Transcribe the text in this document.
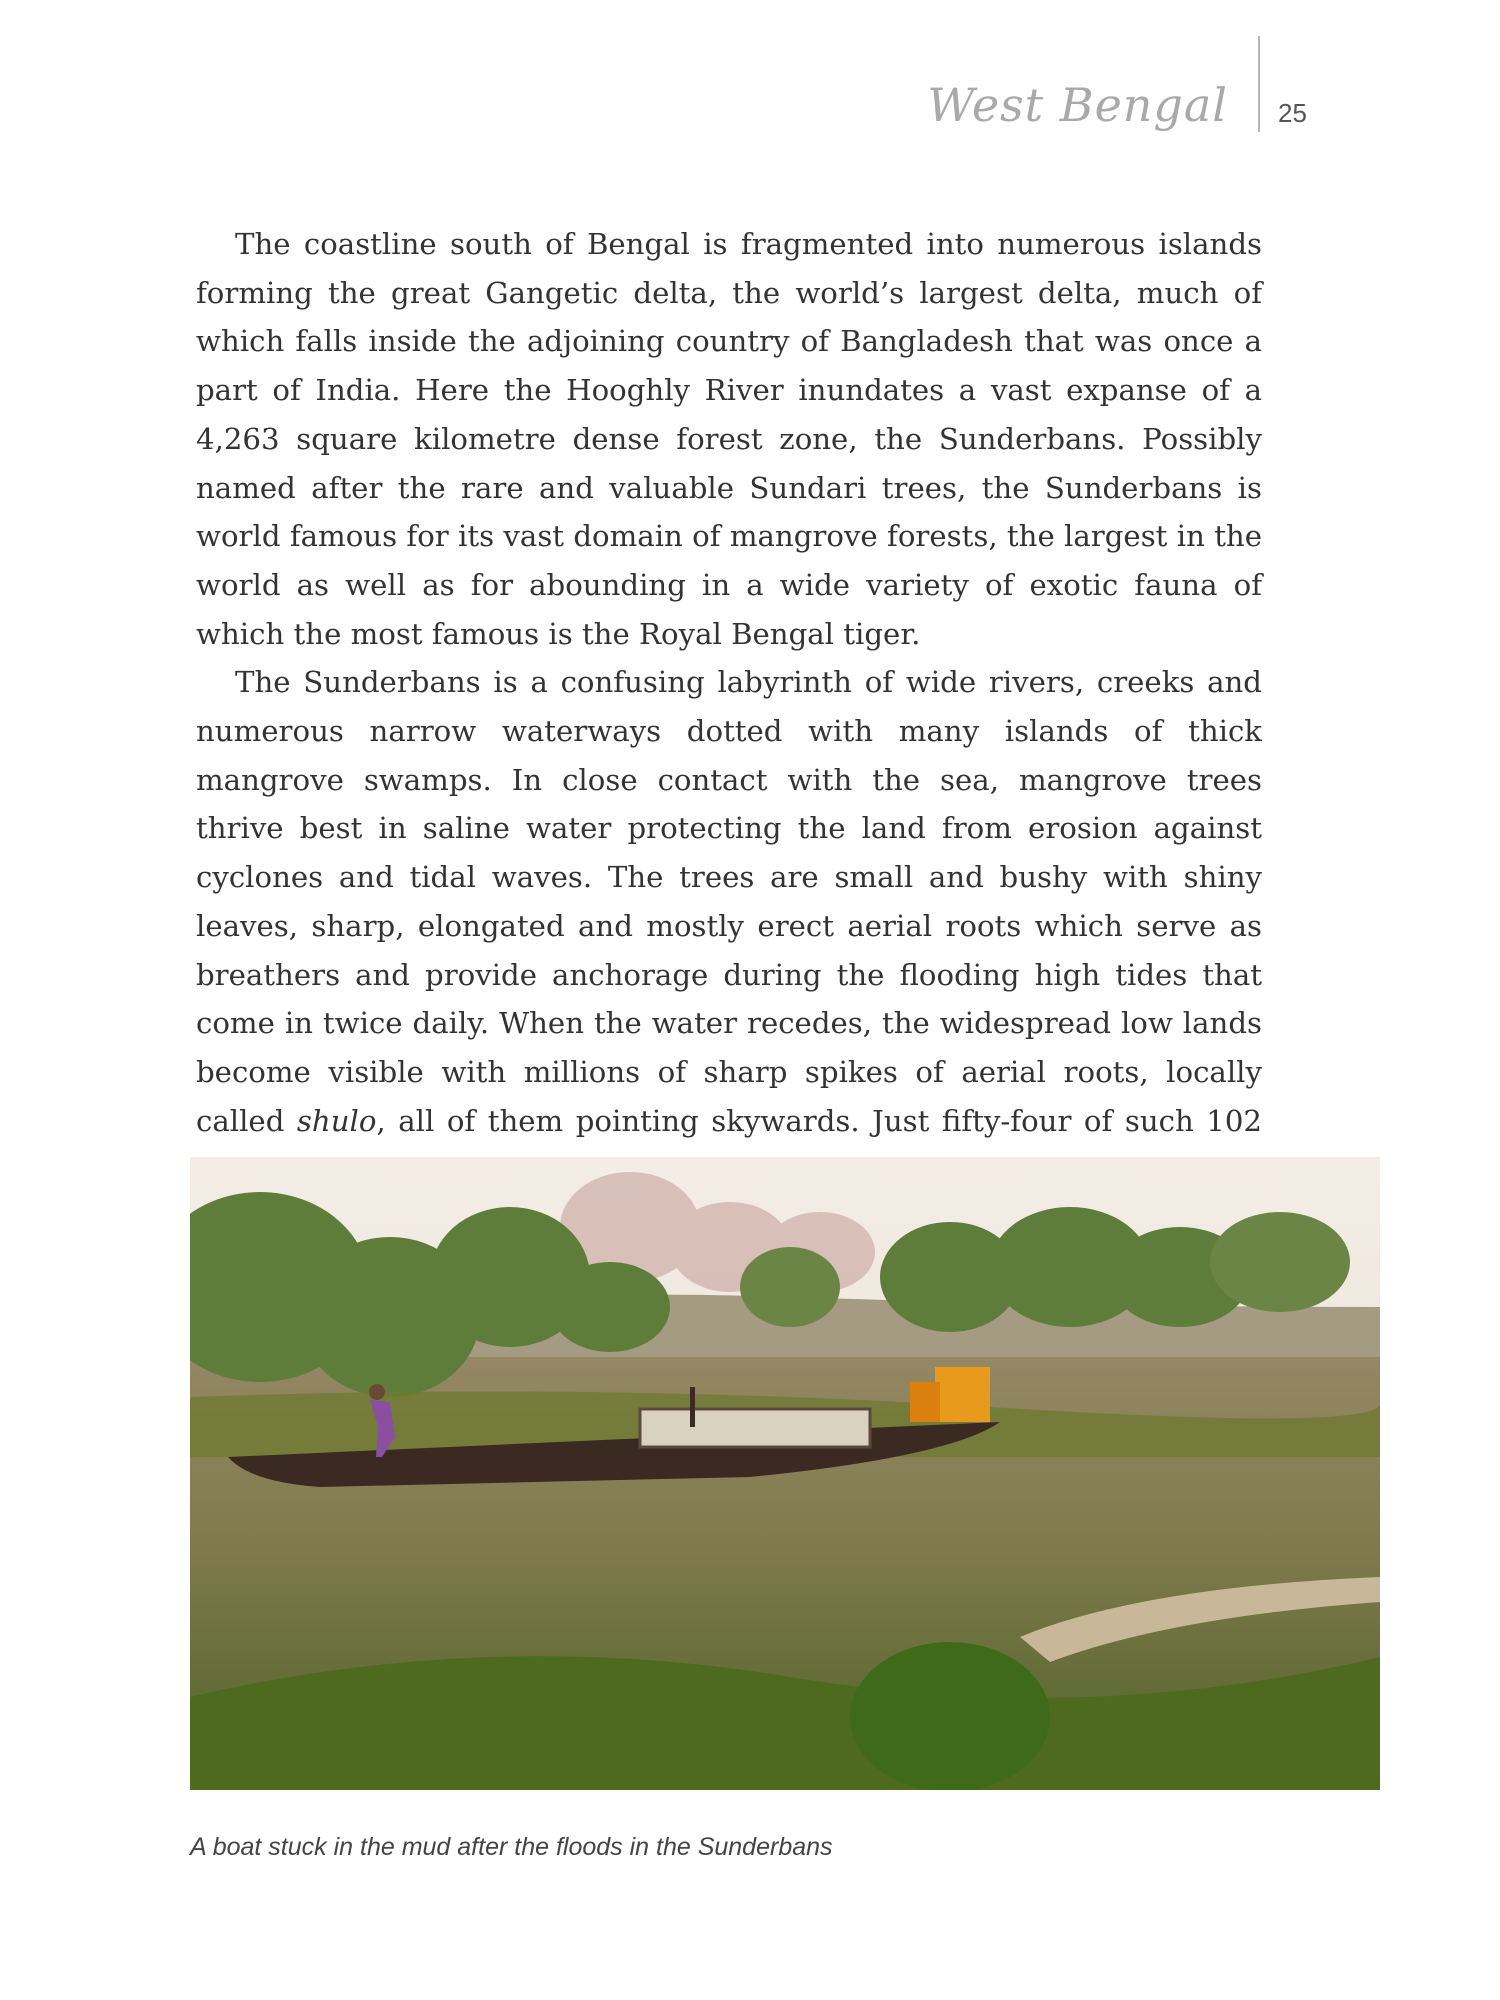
West Bengal 25

The coastline south of Bengal is fragmented into numerous islands forming the great Gangetic delta, the world’s largest delta, much of which falls inside the adjoining country of Bangladesh that was once a part of India. Here the Hooghly River inundates a vast expanse of a 4,263 square kilometre dense forest zone, the Sunderbans. Possibly named after the rare and valuable Sundari trees, the Sunderbans is world famous for its vast domain of mangrove forests, the largest in the world as well as for abounding in a wide variety of exotic fauna of which the most famous is the Royal Bengal tiger.

The Sunderbans is a confusing labyrinth of wide rivers, creeks and numerous narrow waterways dotted with many islands of thick mangrove swamps. In close contact with the sea, mangrove trees thrive best in saline water protecting the land from erosion against cyclones and tidal waves. The trees are small and bushy with shiny leaves, sharp, elongated and mostly erect aerial roots which serve as breathers and provide anchorage during the flooding high tides that come in twice daily. When the water recedes, the widespread low lands become visible with millions of sharp spikes of aerial roots, locally called shulo, all of them pointing skywards. Just fifty-four of such 102

A boat stuck in the mud after the floods in the Sunderbans
